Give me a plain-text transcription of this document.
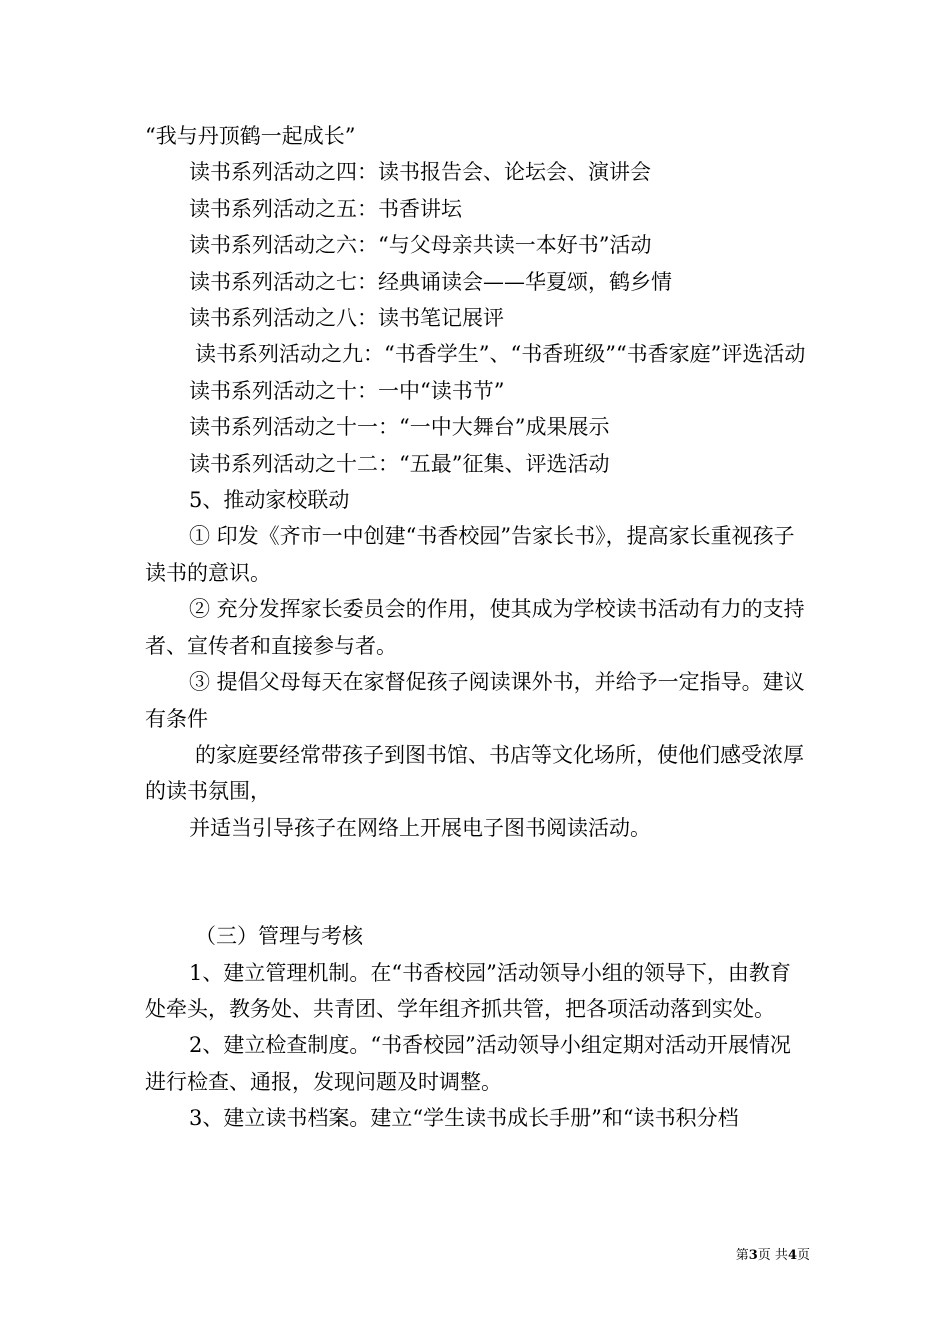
“我与丹顶鹤一起成长”

读书系列活动之四：读书报告会、论坛会、演讲会

读书系列活动之五：书香讲坛

读书系列活动之六：“与父母亲共读一本好书”活动

读书系列活动之七：经典诵读会——华夏颂，鹤乡情

读书系列活动之八：读书笔记展评

读书系列活动之九：“书香学生”、“书香班级”“书香家庭”评选活动

读书系列活动之十：一中“读书节”

读书系列活动之十一：“一中大舞台”成果展示

读书系列活动之十二：“五最”征集、评选活动

5、推动家校联动

① 印发《齐市一中创建“书香校园”告家长书》，提高家长重视孩子读书的意识。

② 充分发挥家长委员会的作用，使其成为学校读书活动有力的支持者、宣传者和直接参与者。

③ 提倡父母每天在家督促孩子阅读课外书，并给予一定指导。建议有条件

的家庭要经常带孩子到图书馆、书店等文化场所，使他们感受浓厚的读书氛围，

并适当引导孩子在网络上开展电子图书阅读活动。

（三）管理与考核

1、建立管理机制。在“书香校园”活动领导小组的领导下，由教育处牵头，教务处、共青团、学年组齐抓共管，把各项活动落到实处。

2、建立检查制度。“书香校园”活动领导小组定期对活动开展情况进行检查、通报，发现问题及时调整。

3、建立读书档案。建立“学生读书成长手册”和“读书积分档

第3页 共4页
